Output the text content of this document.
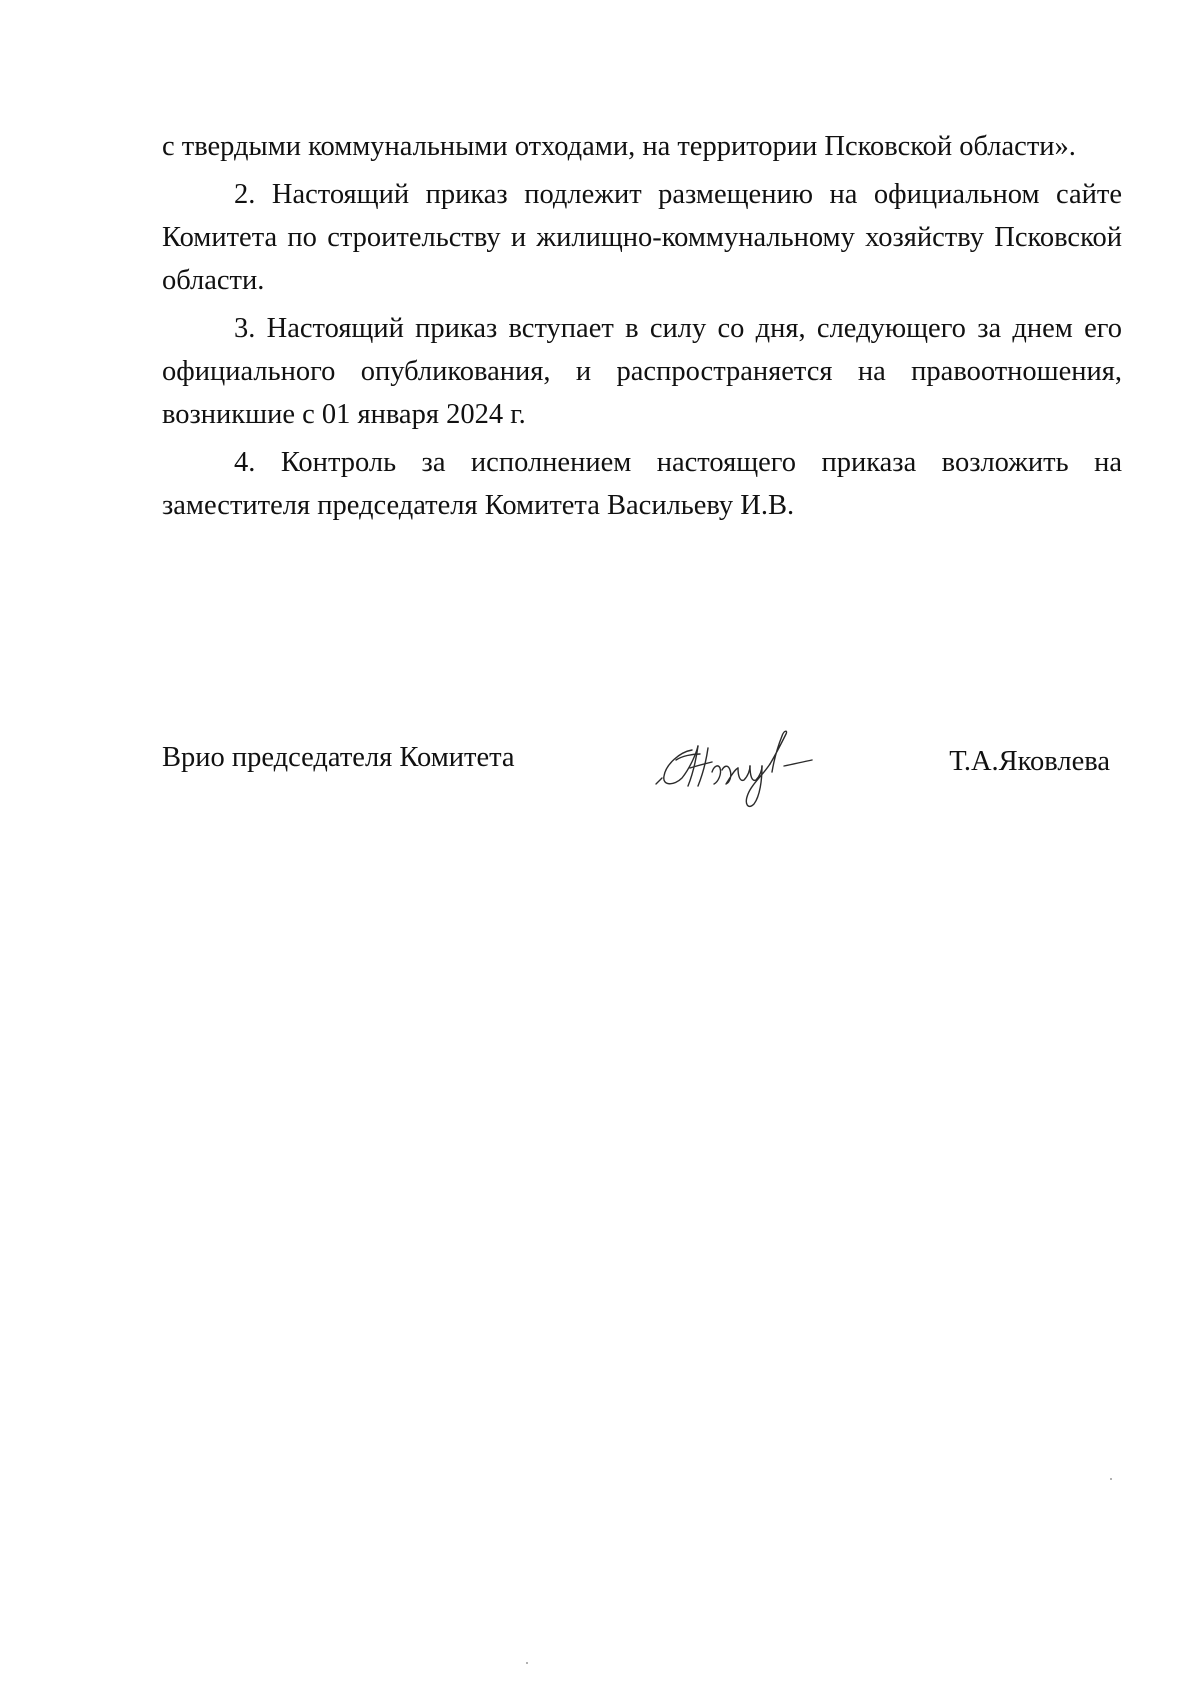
с твердыми коммунальными отходами, на территории Псковской области».

2. Настоящий приказ подлежит размещению на официальном сайте Комитета по строительству и жилищно-коммунальному хозяйству Псковской области.

3. Настоящий приказ вступает в силу со дня, следующего за днем его официального опубликования, и распространяется на правоотношения, возникшие с 01 января 2024 г.

4. Контроль за исполнением настоящего приказа возложить на заместителя председателя Комитета Васильеву И.В.

Врио председателя Комитета	Т.А.Яковлева
